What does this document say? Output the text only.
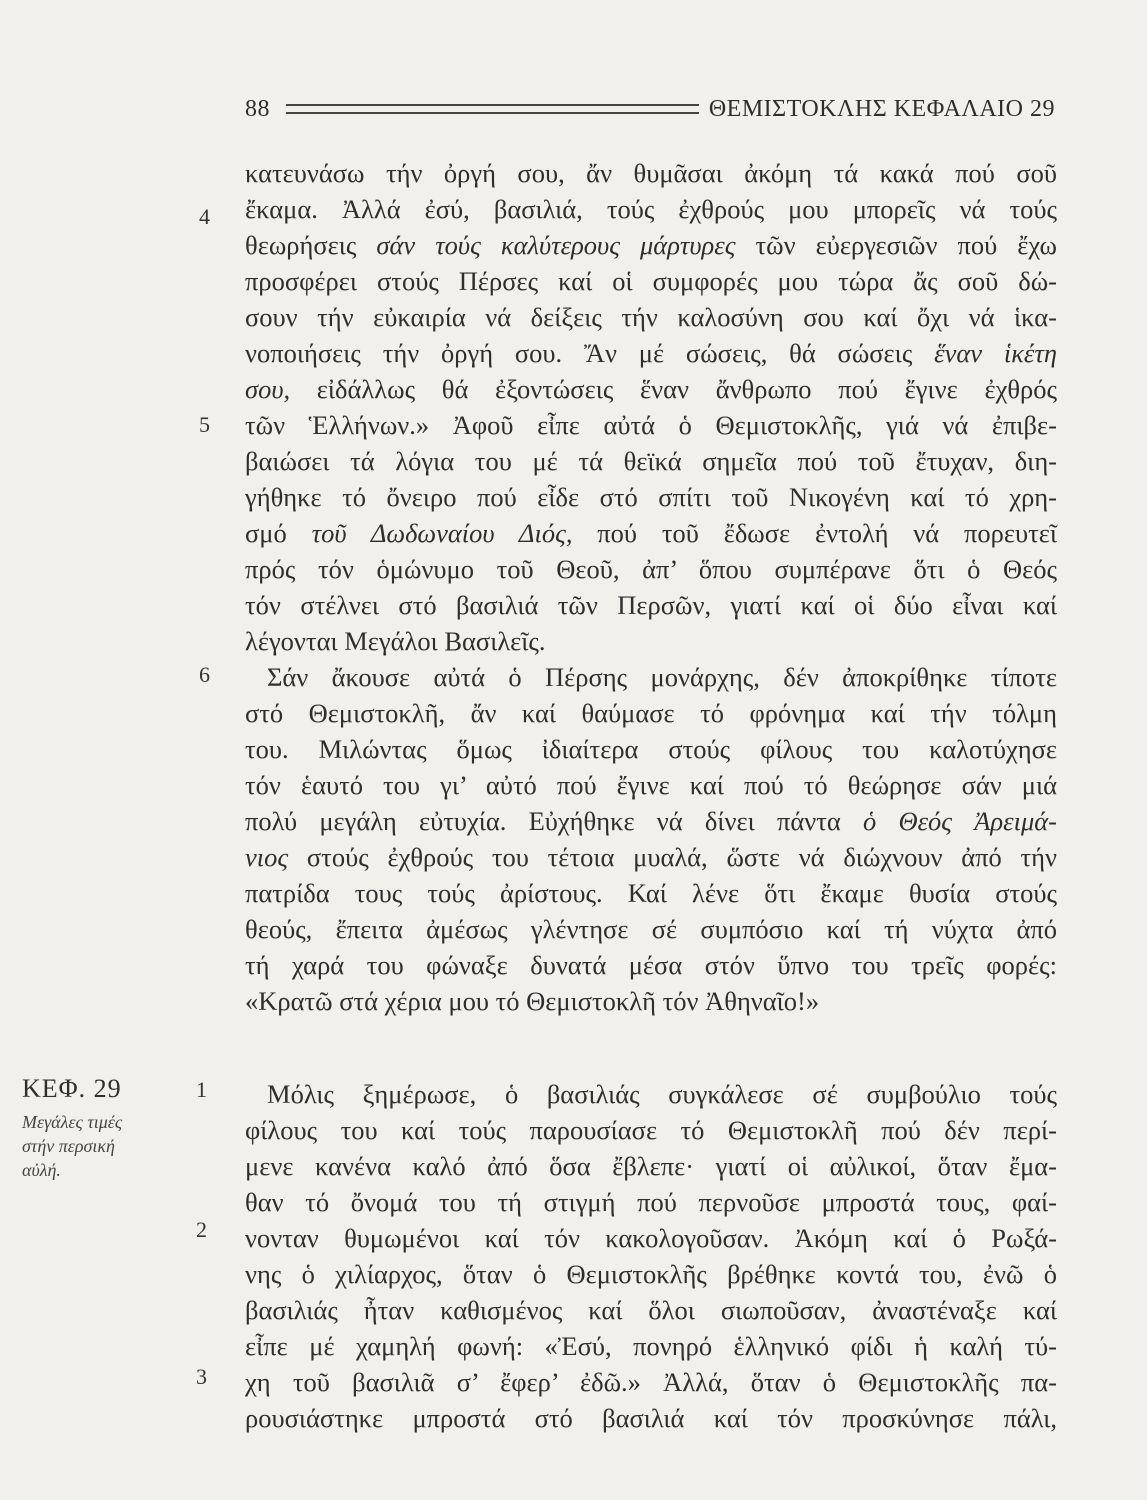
88	ΘΕΜΙΣΤΟΚΛΗΣ ΚΕΦΑΛΑΙΟ 29
4
5
6
1
2
3
ΚΕΦ. 29
Μεγάλες τιμές
στήν περσική
αὐλή.
κατευνάσω τήν ὀργή σου, ἄν θυμᾶσαι ἀκόμη τά κακά πού σοῦ
ἔκαμα. Ἀλλά ἐσύ, βασιλιά, τούς ἐχθρούς μου μπορεῖς νά τούς
θεωρήσεις σάν τούς καλύτερους μάρτυρες τῶν εὐεργεσιῶν πού ἔχω
προσφέρει στούς Πέρσες καί οἱ συμφορές μου τώρα ἄς σοῦ δώ-
σουν τήν εὐκαιρία νά δείξεις τήν καλοσύνη σου καί ὄχι νά ἱκα-
νοποιήσεις τήν ὀργή σου. Ἄν μέ σώσεις, θά σώσεις ἕναν ἱκέτη
σου, εἰδάλλως θά ἐξοντώσεις ἕναν ἄνθρωπο πού ἔγινε ἐχθρός
τῶν Ἑλλήνων.» Ἀφοῦ εἶπε αὐτά ὁ Θεμιστοκλῆς, γιά νά ἐπιβε-
βαιώσει τά λόγια του μέ τά θεϊκά σημεῖα πού τοῦ ἔτυχαν, διη-
γήθηκε τό ὄνειρο πού εἶδε στό σπίτι τοῦ Νικογένη καί τό χρη-
σμό τοῦ Δωδωναίου Διός, πού τοῦ ἔδωσε ἐντολή νά πορευτεῖ
πρός τόν ὁμώνυμο τοῦ Θεοῦ, ἀπ’ ὅπου συμπέρανε ὅτι ὁ Θεός
τόν στέλνει στό βασιλιά τῶν Περσῶν, γιατί καί οἱ δύο εἶναι καί
λέγονται Μεγάλοι Βασιλεῖς.
Σάν ἄκουσε αὐτά ὁ Πέρσης μονάρχης, δέν ἀποκρίθηκε τίποτε
στό Θεμιστοκλῆ, ἄν καί θαύμασε τό φρόνημα καί τήν τόλμη
του. Μιλώντας ὅμως ἰδιαίτερα στούς φίλους του καλοτύχησε
τόν ἑαυτό του γι’ αὐτό πού ἔγινε καί πού τό θεώρησε σάν μιά
πολύ μεγάλη εὐτυχία. Εὐχήθηκε νά δίνει πάντα ὁ Θεός Ἀρειμά-
νιος στούς ἐχθρούς του τέτοια μυαλά, ὥστε νά διώχνουν ἀπό τήν
πατρίδα τους τούς ἀρίστους. Καί λένε ὅτι ἔκαμε θυσία στούς
θεούς, ἔπειτα ἀμέσως γλέντησε σέ συμπόσιο καί τή νύχτα ἀπό
τή χαρά του φώναξε δυνατά μέσα στόν ὕπνο του τρεῖς φορές:
«Κρατῶ στά χέρια μου τό Θεμιστοκλῆ τόν Ἀθηναῖο!»
Μόλις ξημέρωσε, ὁ βασιλιάς συγκάλεσε σέ συμβούλιο τούς
φίλους του καί τούς παρουσίασε τό Θεμιστοκλῆ πού δέν περί-
μενε κανένα καλό ἀπό ὅσα ἔβλεπε· γιατί οἱ αὐλικοί, ὅταν ἔμα-
θαν τό ὄνομά του τή στιγμή πού περνοῦσε μπροστά τους, φαί-
νονταν θυμωμένοι καί τόν κακολογοῦσαν. Ἀκόμη καί ὁ Ρωξά-
νης ὁ χιλίαρχος, ὅταν ὁ Θεμιστοκλῆς βρέθηκε κοντά του, ἐνῶ ὁ
βασιλιάς ἦταν καθισμένος καί ὅλοι σιωποῦσαν, ἀναστέναξε καί
εἶπε μέ χαμηλή φωνή: «Ἐσύ, πονηρό ἑλληνικό φίδι ἡ καλή τύ-
χη τοῦ βασιλιᾶ σ’ ἔφερ’ ἐδῶ.» Ἀλλά, ὅταν ὁ Θεμιστοκλῆς πα-
ρουσιάστηκε μπροστά στό βασιλιά καί τόν προσκύνησε πάλι,
